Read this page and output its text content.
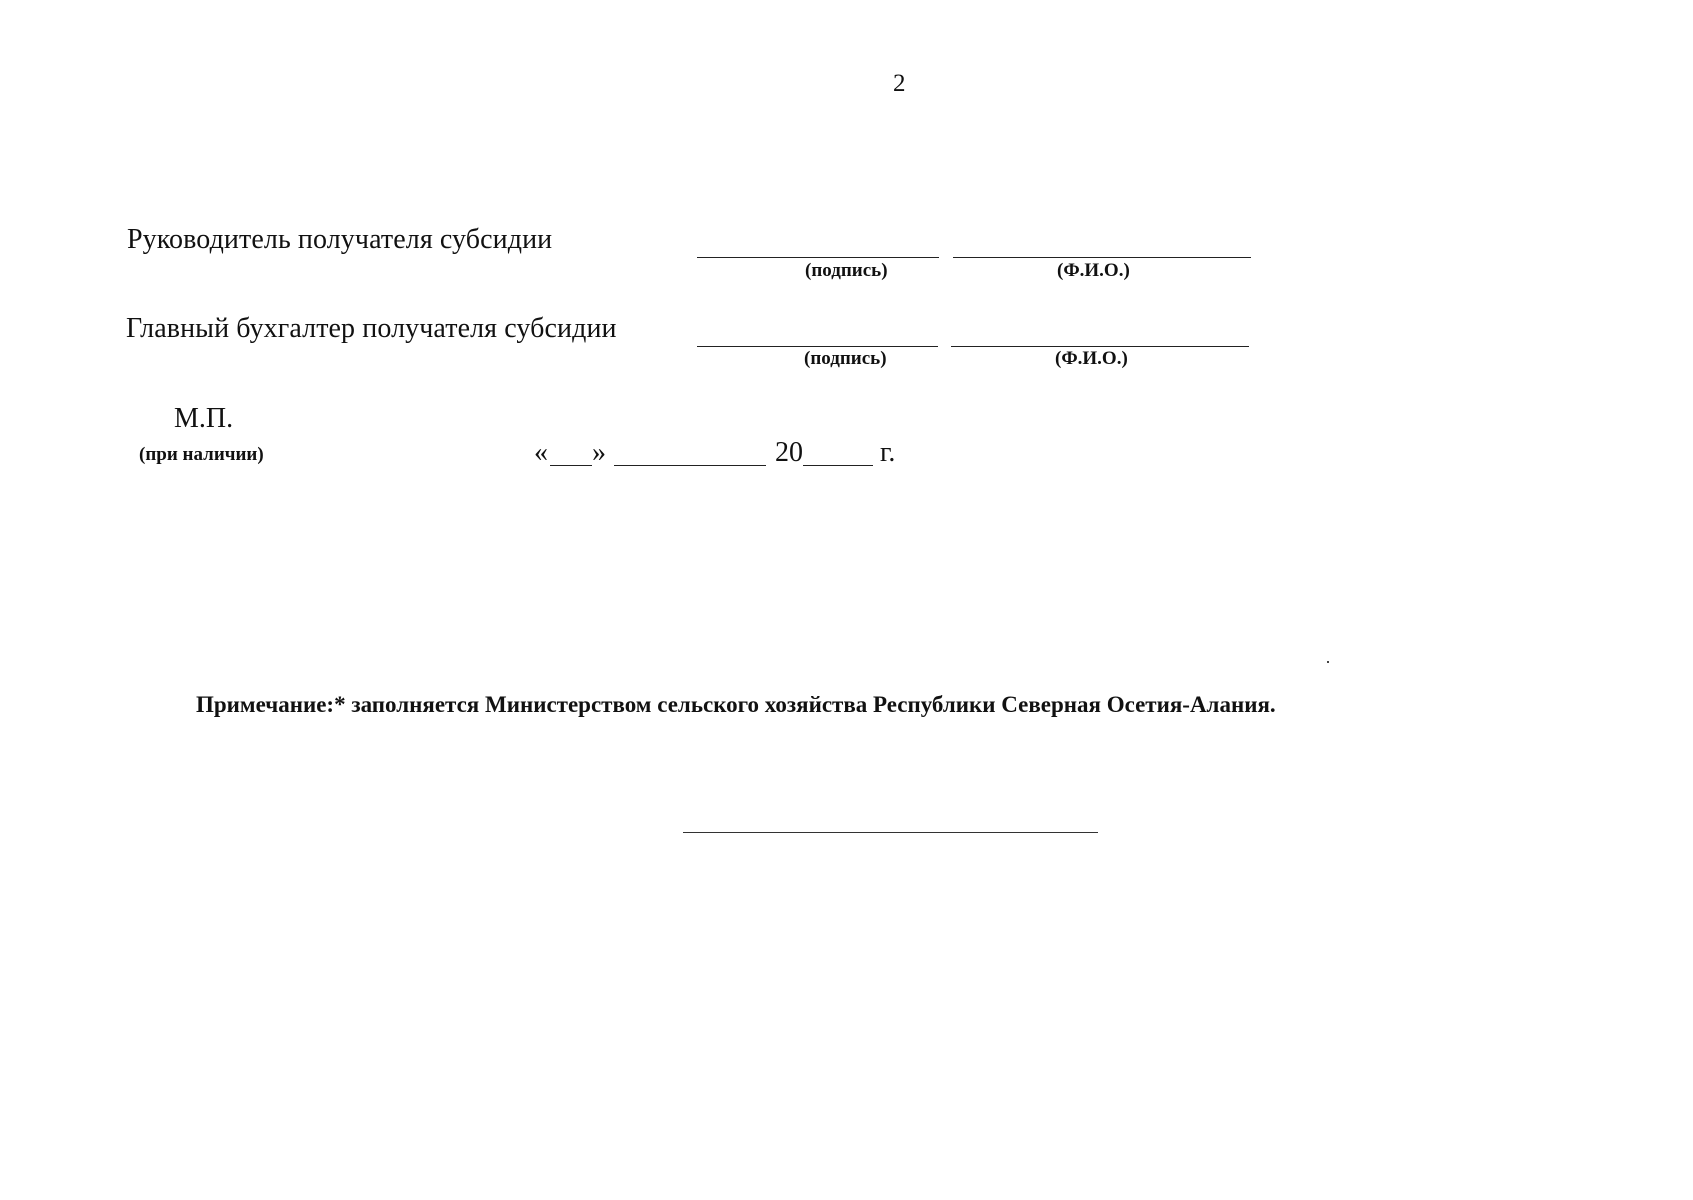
2
Руководитель получателя субсидии
(подпись)	(Ф.И.О.)
Главный бухгалтер получателя субсидии
(подпись)	(Ф.И.О.)
М.П.
(при наличии)	« »	20	г.
Примечание:* заполняется Министерством сельского хозяйства Республики Северная Осетия-Алания.
